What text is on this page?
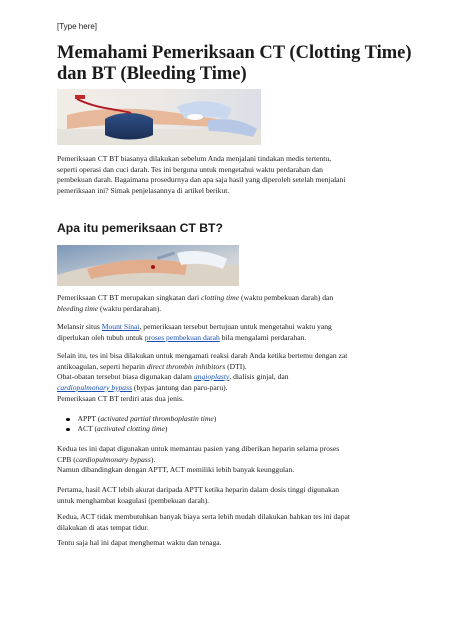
[Type here]
Memahami Pemeriksaan CT (Clotting Time)
dan BT (Bleeding Time)

Pemeriksaan CT BT biasanya dilakukan sebelum Anda menjalani tindakan medis tertentu,
seperti operasi dan cuci darah. Tes ini berguna untuk mengetahui waktu perdarahan dan
pembekuan darah. Bagaimana prosedurnya dan apa saja hasil yang diperoleh setelah menjalani
pemeriksaan ini? Simak penjelasannya di artikel berikut.

Apa itu pemeriksaan CT BT?

Pemeriksaan CT BT merupakan singkatan dari clotting time (waktu pembekuan darah) dan
bleeding time (waktu perdarahan).

Melansir situs Mount Sinai, pemeriksaan tersebut bertujuan untuk mengetahui waktu yang
diperlukan oleh tubuh untuk proses pembekuan darah bila mengalami perdarahan.

Selain itu, tes ini bisa dilakukan untuk mengamati reaksi darah Anda ketika bertemu dengan zat
antikoagulan, seperti heparin direct thrombin inhibitors (DTI).

Obat-obatan tersebut biasa digunakan dalam angioplasty, dialisis ginjal, dan
cardiopulmonary bypass (bypas jantung dan paru-paru).

Pemeriksaan CT BT terdiri atas dua jenis.

APPT (activated partial thromboplastin time)
ACT (activated clotting time)

Kedua tes ini dapat digunakan untuk memantau pasien yang diberikan heparin selama proses
CPB (cardiopulmonary bypass).

Namun dibandingkan dengan APTT, ACT memiliki lebih banyak keunggulan.

Pertama, hasil ACT lebih akurat daripada APTT ketika heparin dalam dosis tinggi digunakan
untuk menghambat koagulasi (pembekuan darah).

Kedua, ACT tidak membutuhkan banyak biaya serta lebih mudah dilakukan bahkan tes ini dapat
dilakukan di atas tempat tidur.

Tentu saja hal ini dapat menghemat waktu dan tenaga.
